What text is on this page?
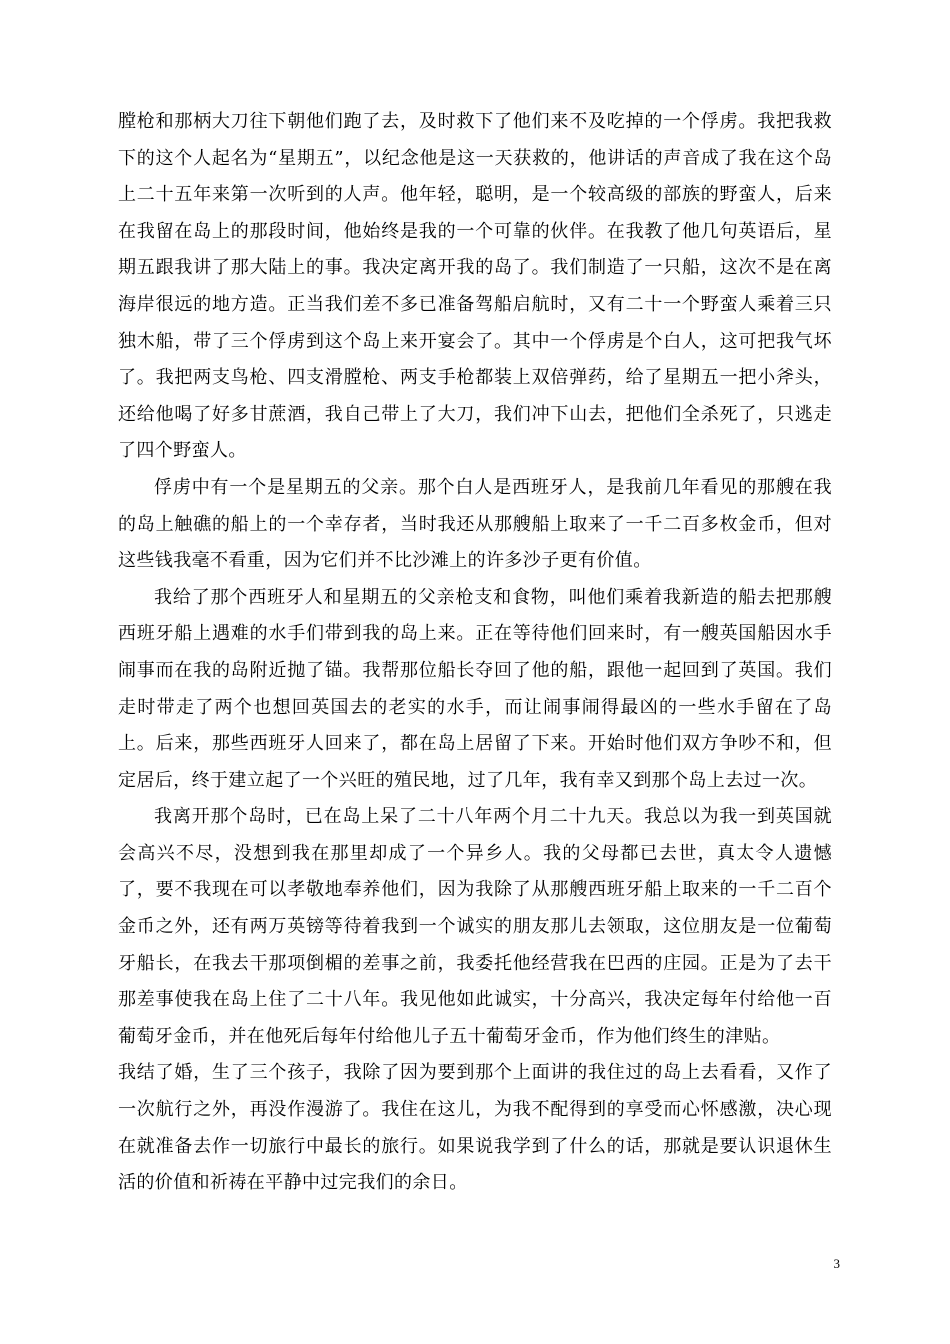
膛枪和那柄大刀往下朝他们跑了去，及时救下了他们来不及吃掉的一个俘虏。我把我救下的这个人起名为“星期五”，以纪念他是这一天获救的，他讲话的声音成了我在这个岛上二十五年来第一次听到的人声。他年轻，聪明，是一个较高级的部族的野蛮人，后来在我留在岛上的那段时间，他始终是我的一个可靠的伙伴。在我教了他几句英语后，星期五跟我讲了那大陆上的事。我决定离开我的岛了。我们制造了一只船，这次不是在离海岸很远的地方造。正当我们差不多已准备驾船启航时，又有二十一个野蛮人乘着三只独木船，带了三个俘虏到这个岛上来开宴会了。其中一个俘虏是个白人，这可把我气坏了。我把两支鸟枪、四支滑膛枪、两支手枪都装上双倍弹药，给了星期五一把小斧头，还给他喝了好多甘蔗酒，我自己带上了大刀，我们冲下山去，把他们全杀死了，只逃走了四个野蛮人。

俘虏中有一个是星期五的父亲。那个白人是西班牙人，是我前几年看见的那艘在我的岛上触礁的船上的一个幸存者，当时我还从那艘船上取来了一千二百多枚金币，但对这些钱我毫不看重，因为它们并不比沙滩上的许多沙子更有价值。

我给了那个西班牙人和星期五的父亲枪支和食物，叫他们乘着我新造的船去把那艘西班牙船上遇难的水手们带到我的岛上来。正在等待他们回来时，有一艘英国船因水手闹事而在我的岛附近抛了锚。我帮那位船长夺回了他的船，跟他一起回到了英国。我们走时带走了两个也想回英国去的老实的水手，而让闹事闹得最凶的一些水手留在了岛上。后来，那些西班牙人回来了，都在岛上居留了下来。开始时他们双方争吵不和，但定居后，终于建立起了一个兴旺的殖民地，过了几年，我有幸又到那个岛上去过一次。

我离开那个岛时，已在岛上呆了二十八年两个月二十九天。我总以为我一到英国就会高兴不尽，没想到我在那里却成了一个异乡人。我的父母都已去世，真太令人遗憾了，要不我现在可以孝敬地奉养他们，因为我除了从那艘西班牙船上取来的一千二百个金币之外，还有两万英镑等待着我到一个诚实的朋友那儿去领取，这位朋友是一位葡萄牙船长，在我去干那项倒楣的差事之前，我委托他经营我在巴西的庄园。正是为了去干那差事使我在岛上住了二十八年。我见他如此诚实，十分高兴，我决定每年付给他一百葡萄牙金币，并在他死后每年付给他儿子五十葡萄牙金币，作为他们终生的津贴。

我结了婚，生了三个孩子，我除了因为要到那个上面讲的我住过的岛上去看看，又作了一次航行之外，再没作漫游了。我住在这儿，为我不配得到的享受而心怀感激，决心现在就准备去作一切旅行中最长的旅行。如果说我学到了什么的话，那就是要认识退休生活的价值和祈祷在平静中过完我们的余日。

3
